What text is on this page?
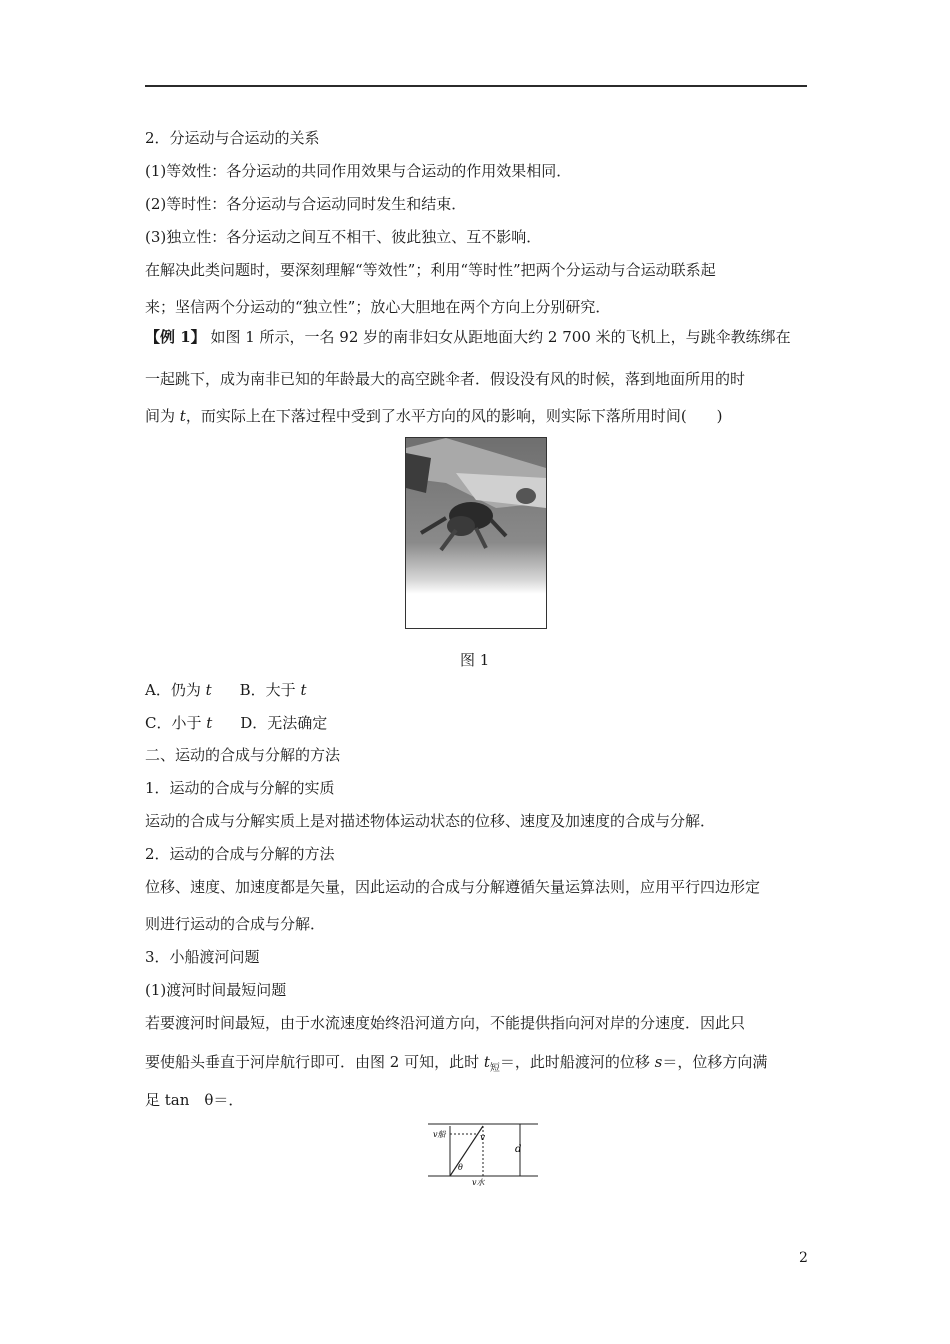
2．分运动与合运动的关系
(1)等效性：各分运动的共同作用效果与合运动的作用效果相同．
(2)等时性：各分运动与合运动同时发生和结束．
(3)独立性：各分运动之间互不相干、彼此独立、互不影响．
在解决此类问题时，要深刻理解“等效性”；利用“等时性”把两个分运动与合运动联系起
来；坚信两个分运动的“独立性”；放心大胆地在两个方向上分别研究．
【例 1】 如图 1 所示，一名 92 岁的南非妇女从距地面大约 2 700 米的飞机上，与跳伞教练绑在
一起跳下，成为南非已知的年龄最大的高空跳伞者．假设没有风的时候，落到地面所用的时
间为 t，而实际上在下落过程中受到了水平方向的风的影响，则实际下落所用时间(　　)
图 1
A．仍为 t B．大于 t
C．小于 t D．无法确定
二、运动的合成与分解的方法
1．运动的合成与分解的实质
运动的合成与分解实质上是对描述物体运动状态的位移、速度及加速度的合成与分解．
2．运动的合成与分解的方法
位移、速度、加速度都是矢量，因此运动的合成与分解遵循矢量运算法则，应用平行四边形定
则进行运动的合成与分解．
3．小船渡河问题
(1)渡河时间最短问题
若要渡河时间最短，由于水流速度始终沿河道方向，不能提供指向河对岸的分速度．因此只
要使船头垂直于河岸航行即可．由图 2 可知，此时 $t_短=$，此时船渡河的位移 s＝，位移方向满
足 tan　θ＝．
v船	v
d
θ
v水
2
